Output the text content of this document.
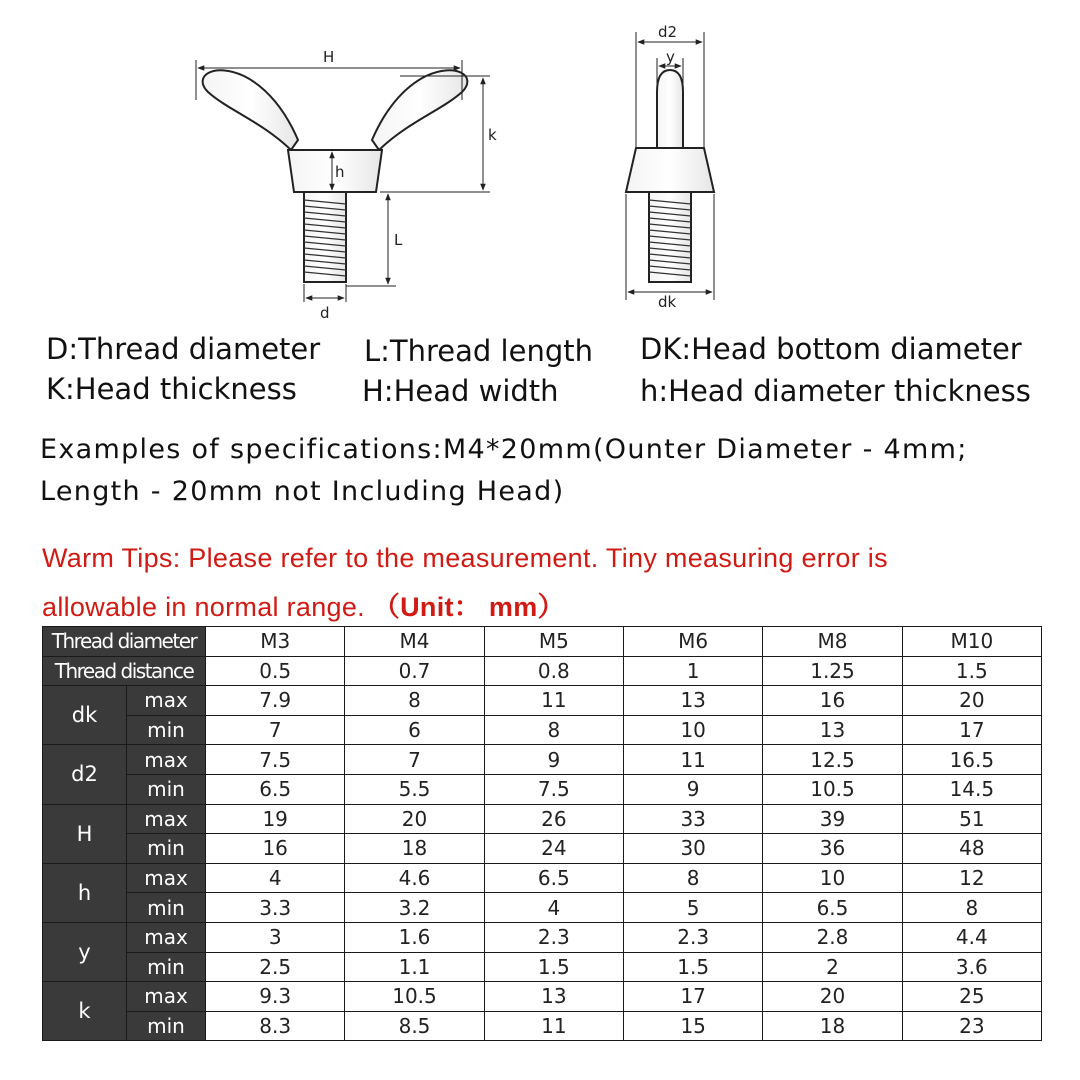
H
k
h
L
d
d2
y
dk
D:Thread diameter
K:Head thickness
L:Thread length
H:Head width
DK:Head bottom diameter
h:Head diameter thickness
Examples of specifications:M4*20mm(Ounter Diameter - 4mm;
Length - 20mm not Including Head)
Warm Tips: Please refer to the measurement. Tiny measuring error is
allowable in normal range. （Unit： mm）
Thread diameter		M3	M4	M5	M6	M8	M10
Thread distance		0.5	0.7	0.8	1	1.25	1.5
dk	max	7.9	8	11	13	16	20
	min	7	6	8	10	13	17
d2	max	7.5	7	9	11	12.5	16.5
	min	6.5	5.5	7.5	9	10.5	14.5
H	max	19	20	26	33	39	51
	min	16	18	24	30	36	48
h	max	4	4.6	6.5	8	10	12
	min	3.3	3.2	4	5	6.5	8
y	max	3	1.6	2.3	2.3	2.8	4.4
	min	2.5	1.1	1.5	1.5	2	3.6
k	max	9.3	10.5	13	17	20	25
	min	8.3	8.5	11	15	18	23
